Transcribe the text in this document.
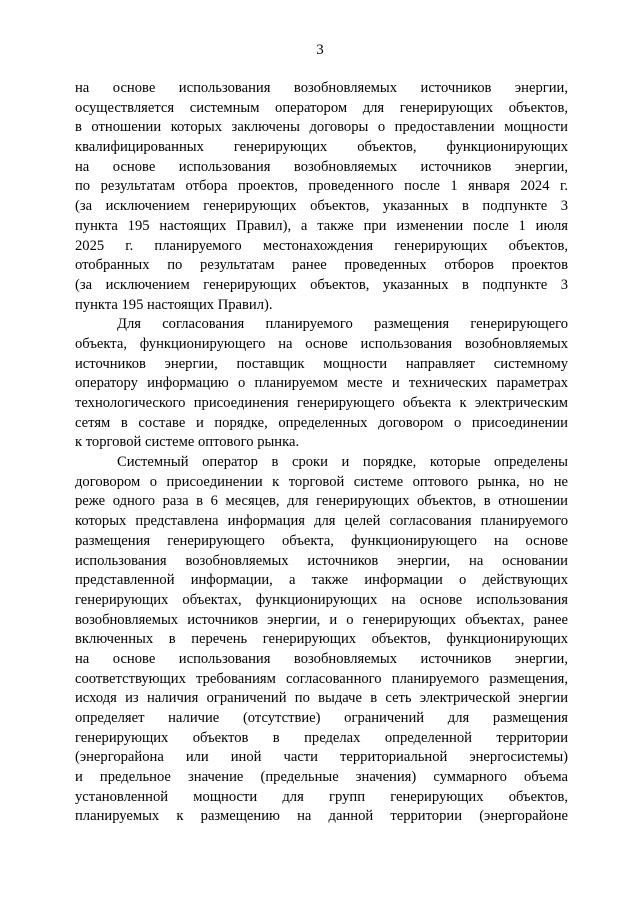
3

на основе использования возобновляемых источников энергии,
осуществляется системным оператором для генерирующих объектов,
в отношении которых заключены договоры о предоставлении мощности
квалифицированных генерирующих объектов, функционирующих
на основе использования возобновляемых источников энергии,
по результатам отбора проектов, проведенного после 1 января 2024 г.
(за исключением генерирующих объектов, указанных в подпункте 3
пункта 195 настоящих Правил), а также при изменении после 1 июля
2025 г. планируемого местонахождения генерирующих объектов,
отобранных по результатам ранее проведенных отборов проектов
(за исключением генерирующих объектов, указанных в подпункте 3
пункта 195 настоящих Правил).

Для согласования планируемого размещения генерирующего
объекта, функционирующего на основе использования возобновляемых
источников энергии, поставщик мощности направляет системному
оператору информацию о планируемом месте и технических параметрах
технологического присоединения генерирующего объекта к электрическим
сетям в составе и порядке, определенных договором о присоединении
к торговой системе оптового рынка.

Системный оператор в сроки и порядке, которые определены
договором о присоединении к торговой системе оптового рынка, но не
реже одного раза в 6 месяцев, для генерирующих объектов, в отношении
которых представлена информация для целей согласования планируемого
размещения генерирующего объекта, функционирующего на основе
использования возобновляемых источников энергии, на основании
представленной информации, а также информации о действующих
генерирующих объектах, функционирующих на основе использования
возобновляемых источников энергии, и о генерирующих объектах, ранее
включенных в перечень генерирующих объектов, функционирующих
на основе использования возобновляемых источников энергии,
соответствующих требованиям согласованного планируемого размещения,
исходя из наличия ограничений по выдаче в сеть электрической энергии
определяет наличие (отсутствие) ограничений для размещения
генерирующих объектов в пределах определенной территории
(энергорайона или иной части территориальной энергосистемы)
и предельное значение (предельные значения) суммарного объема
установленной мощности для групп генерирующих объектов,
планируемых к размещению на данной территории (энергорайоне
